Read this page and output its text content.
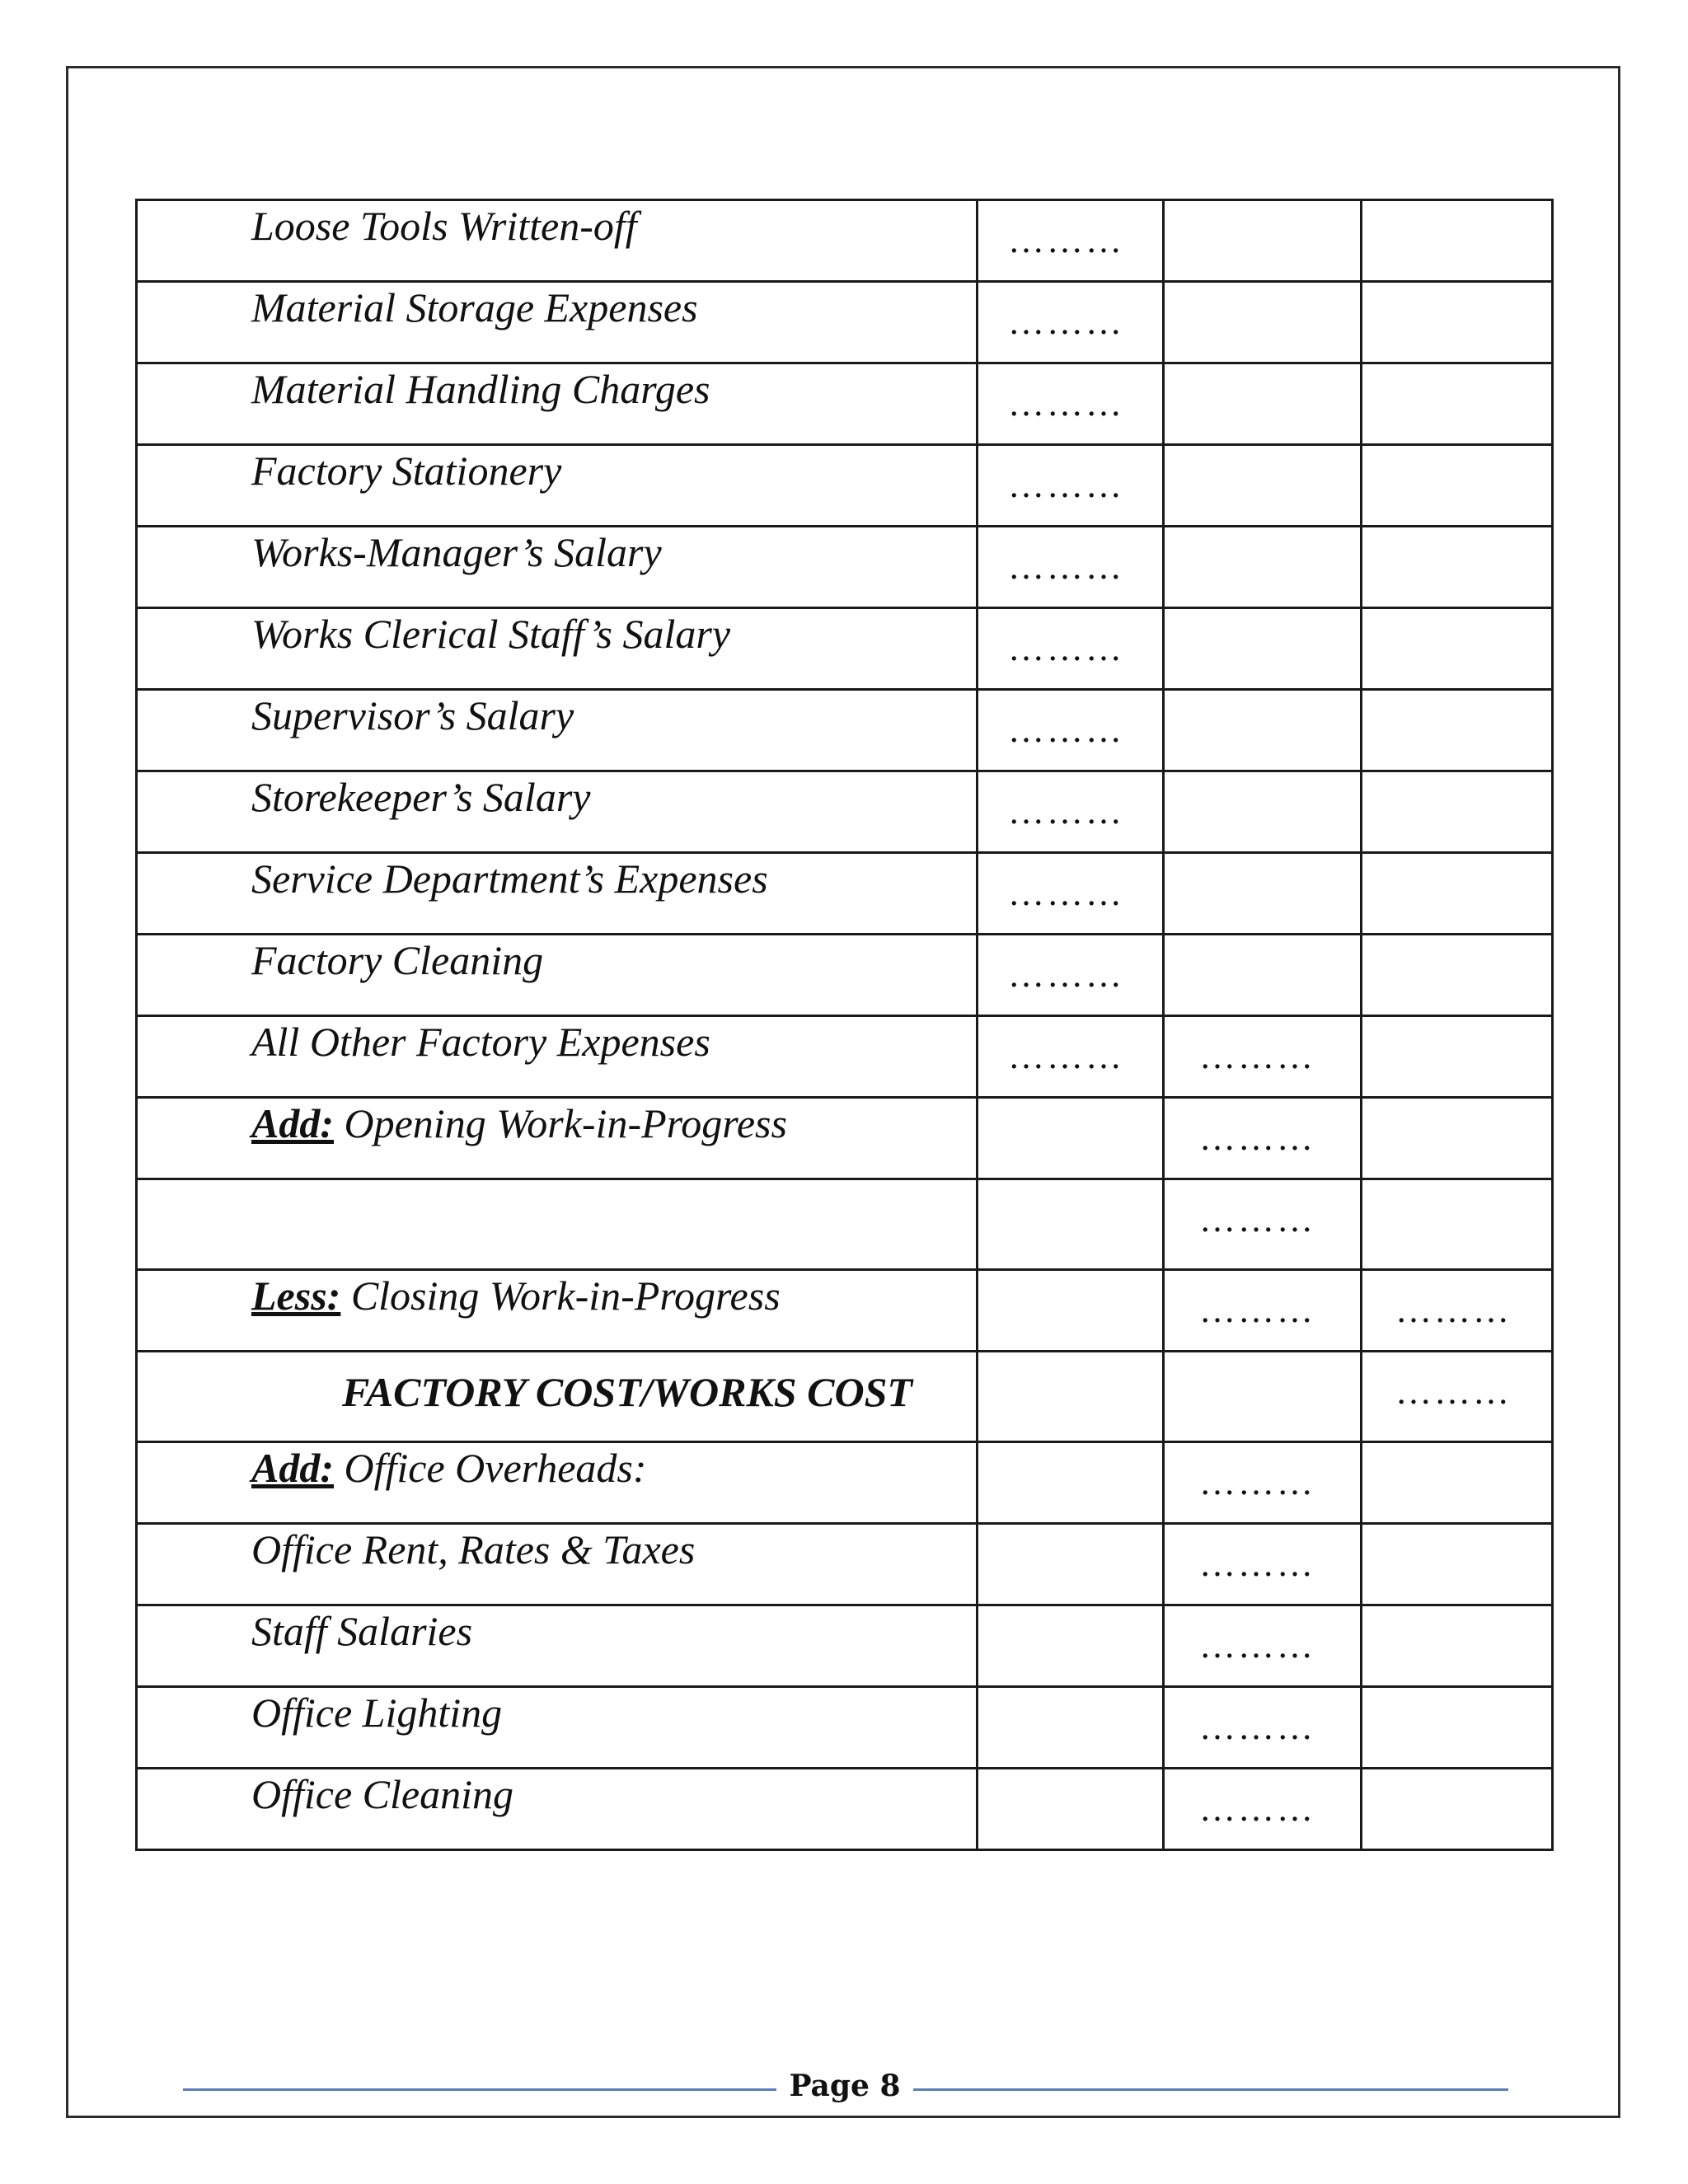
Loose Tools Written-off	………		
Material Storage Expenses	………		
Material Handling Charges	………		
Factory Stationery	………		
Works-Manager’s Salary	………		
Works Clerical Staff’s Salary	………		
Supervisor’s Salary	………		
Storekeeper’s Salary	………		
Service Department’s Expenses	………		
Factory Cleaning	………		
All Other Factory Expenses	………	………	
Add: Opening Work-in-Progress		………	
		………	
Less: Closing Work-in-Progress		………	………
FACTORY COST/WORKS COST			………
Add: Office Overheads:		………	
Office Rent, Rates & Taxes		………	
Staff Salaries		………	
Office Lighting		………	
Office Cleaning		………	
Page 8
